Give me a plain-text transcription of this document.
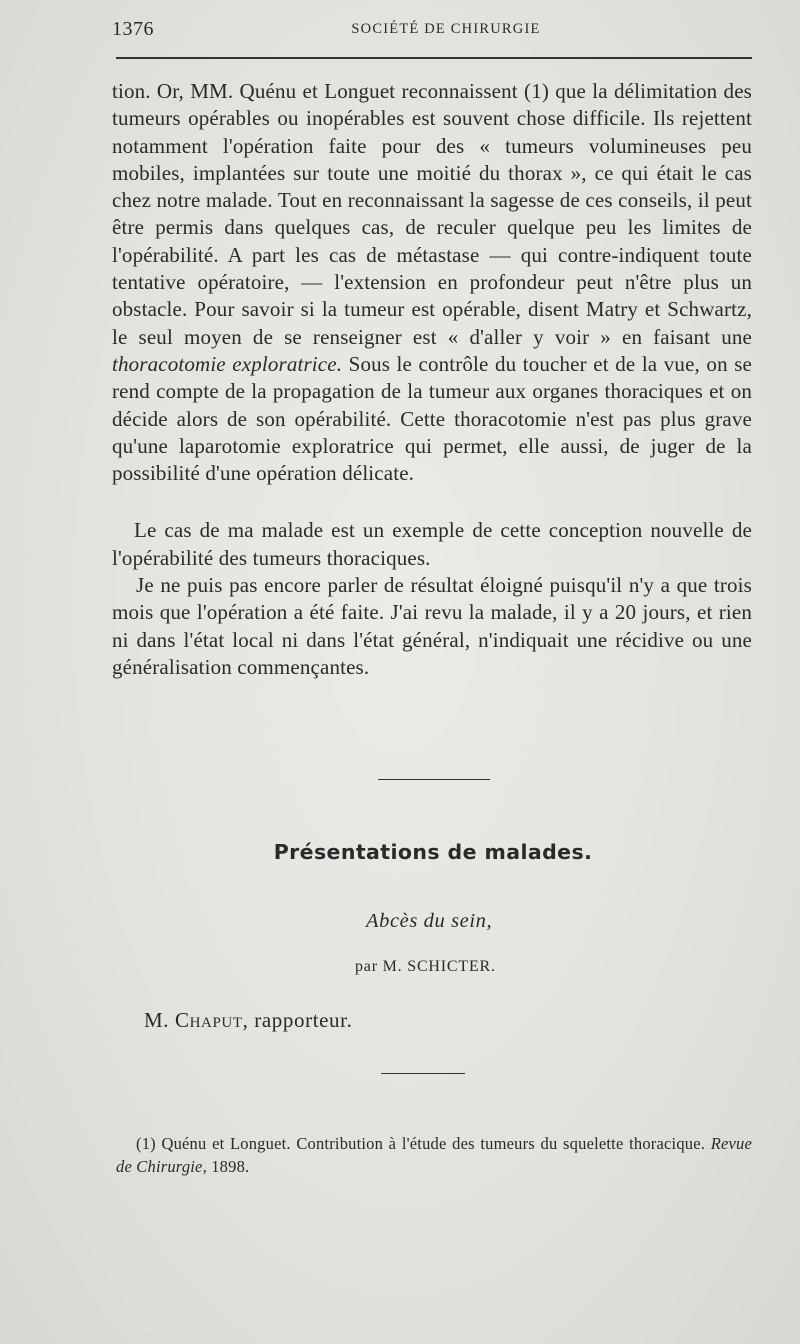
1376	SOCIÉTÉ DE CHIRURGIE

tion. Or, MM. Quénu et Longuet reconnaissent (1) que la délimitation des tumeurs opérables ou inopérables est souvent chose difficile. Ils rejettent notamment l'opération faite pour des « tumeurs volumineuses peu mobiles, implantées sur toute une moitié du thorax », ce qui était le cas chez notre malade. Tout en reconnaissant la sagesse de ces conseils, il peut être permis dans quelques cas, de reculer quelque peu les limites de l'opérabilité. A part les cas de métastase — qui contre-indiquent toute tentative opératoire, — l'extension en profondeur peut n'être plus un obstacle. Pour savoir si la tumeur est opérable, disent Matry et Schwartz, le seul moyen de se renseigner est « d'aller y voir » en faisant une thoracotomie exploratrice. Sous le contrôle du toucher et de la vue, on se rend compte de la propagation de la tumeur aux organes thoraciques et on décide alors de son opérabilité. Cette thoracotomie n'est pas plus grave qu'une laparotomie exploratrice qui permet, elle aussi, de juger de la possibilité d'une opération délicate.

Le cas de ma malade est un exemple de cette conception nouvelle de l'opérabilité des tumeurs thoraciques.

Je ne puis pas encore parler de résultat éloigné puisqu'il n'y a que trois mois que l'opération a été faite. J'ai revu la malade, il y a 20 jours, et rien ni dans l'état local ni dans l'état général, n'indiquait une récidive ou une généralisation commençantes.

Présentations de malades.
Abcès du sein,
par M. SCHICTER.
M. Chaput, rapporteur.

(1) Quénu et Longuet. Contribution à l'étude des tumeurs du squelette thoracique. Revue de Chirurgie, 1898.
